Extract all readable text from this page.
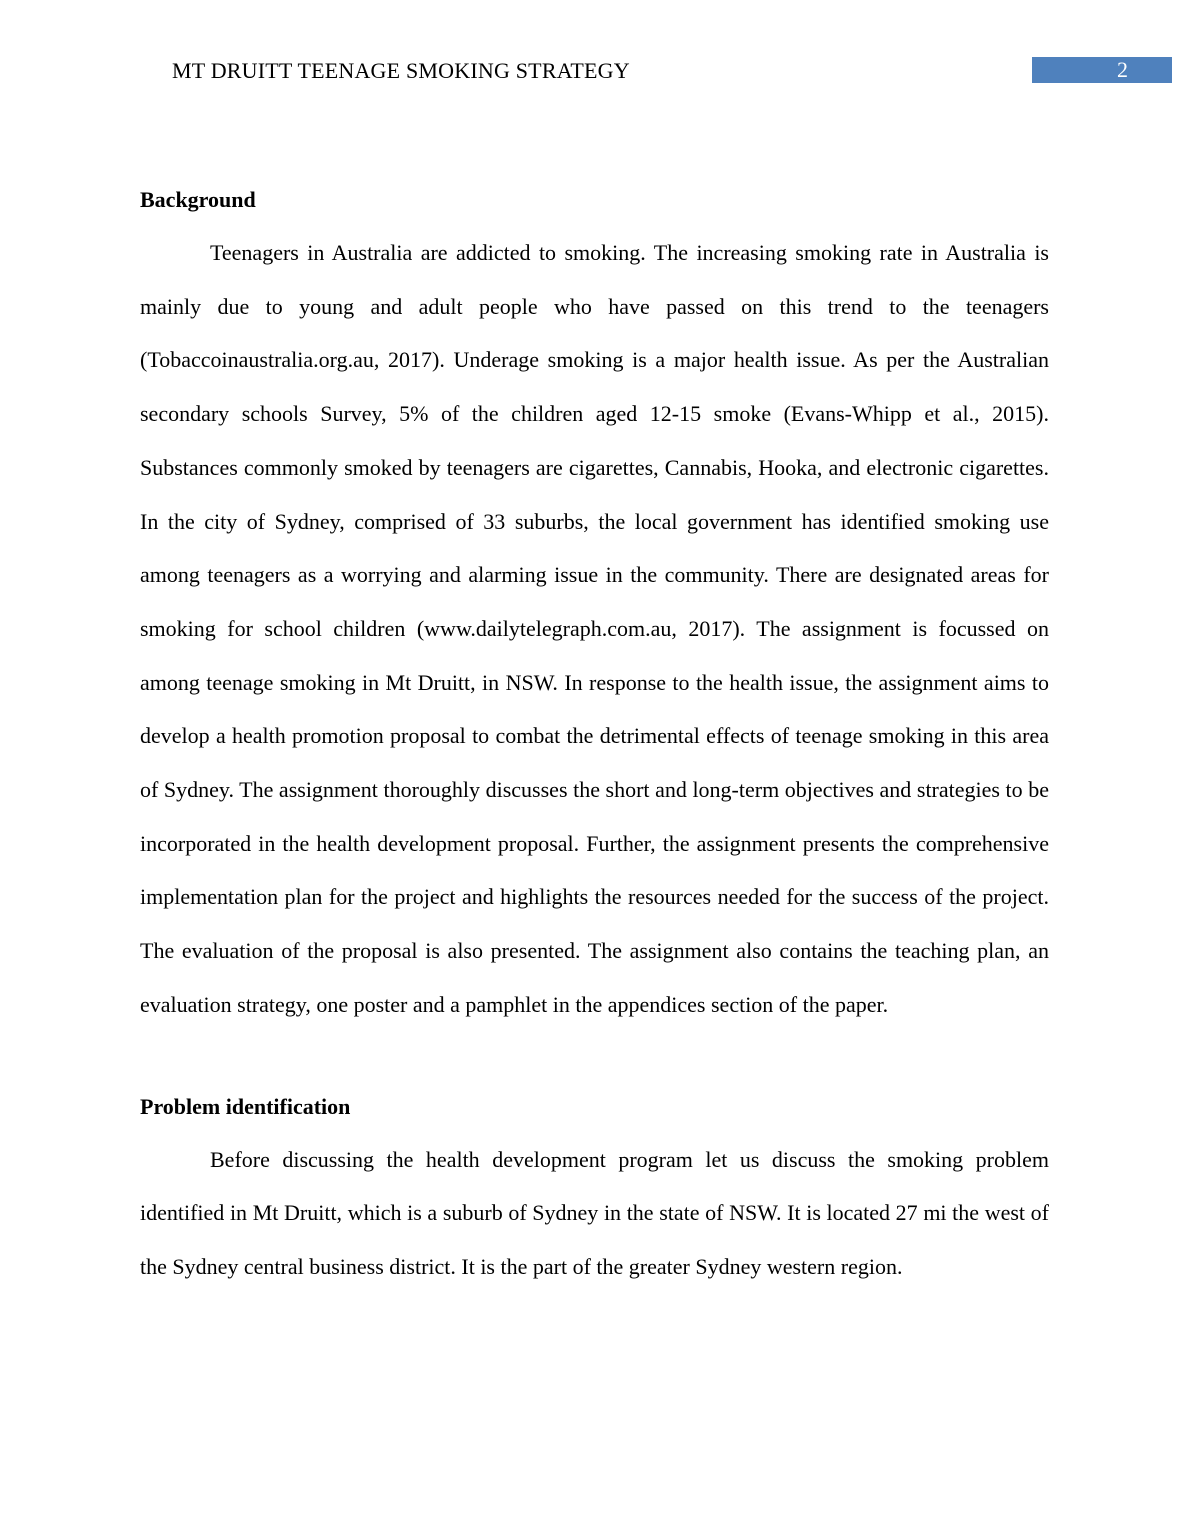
MT DRUITT TEENAGE SMOKING STRATEGY	2
Background

Teenagers in Australia are addicted to smoking. The increasing smoking rate in Australia is mainly due to young and adult people who have passed on this trend to the teenagers (Tobaccoinaustralia.org.au, 2017). Underage smoking is a major health issue. As per the Australian secondary schools Survey, 5% of the children aged 12-15 smoke (Evans-Whipp et al., 2015). Substances commonly smoked by teenagers are cigarettes, Cannabis, Hooka, and electronic cigarettes. In the city of Sydney, comprised of 33 suburbs, the local government has identified smoking use among teenagers as a worrying and alarming issue in the community. There are designated areas for smoking for school children (www.dailytelegraph.com.au, 2017). The assignment is focussed on among teenage smoking in Mt Druitt, in NSW. In response to the health issue, the assignment aims to develop a health promotion proposal to combat the detrimental effects of teenage smoking in this area of Sydney. The assignment thoroughly discusses the short and long-term objectives and strategies to be incorporated in the health development proposal. Further, the assignment presents the comprehensive implementation plan for the project and highlights the resources needed for the success of the project. The evaluation of the proposal is also presented. The assignment also contains the teaching plan, an evaluation strategy, one poster and a pamphlet in the appendices section of the paper.

Problem identification

Before discussing the health development program let us discuss the smoking problem identified in Mt Druitt, which is a suburb of Sydney in the state of NSW. It is located 27 mi the west of the Sydney central business district. It is the part of the greater Sydney western region.
